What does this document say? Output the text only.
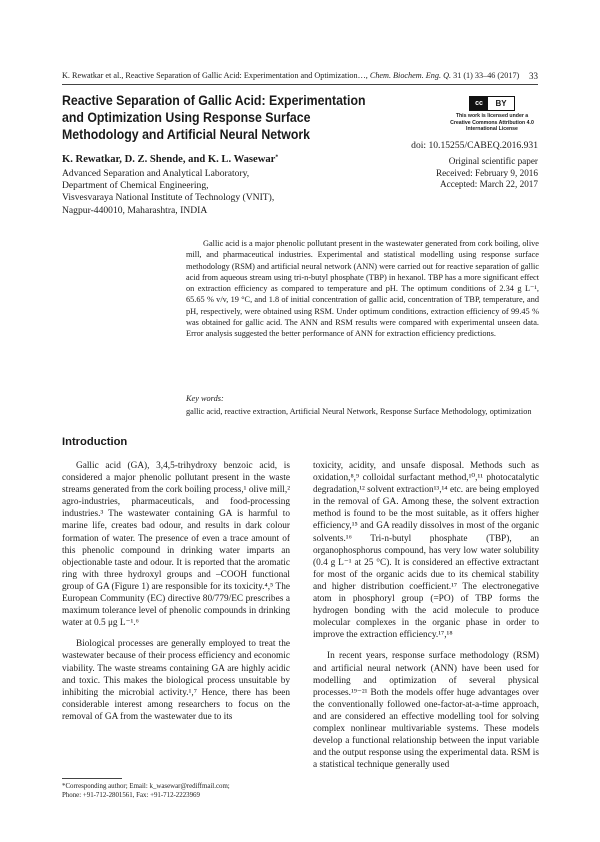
K. Rewatkar et al., Reactive Separation of Gallic Acid: Experimentation and Optimization…, Chem. Biochem. Eng. Q. 31 (1) 33–46 (2017) 33
Reactive Separation of Gallic Acid: Experimentation and Optimization Using Response Surface Methodology and Artificial Neural Network
cc	BY
This work is licensed under a Creative Commons Attribution 4.0 International License
doi: 10.15255/CABEQ.2016.931
Original scientific paper
Received: February 9, 2016
Accepted: March 22, 2017
K. Rewatkar, D. Z. Shende, and K. L. Wasewar*
Advanced Separation and Analytical Laboratory,
Department of Chemical Engineering,
Visvesvaraya National Institute of Technology (VNIT),
Nagpur-440010, Maharashtra, INDIA

Gallic acid is a major phenolic pollutant present in the wastewater generated from cork boiling, olive mill, and pharmaceutical industries. Experimental and statistical modelling using response surface methodology (RSM) and artificial neural network (ANN) were carried out for reactive separation of gallic acid from aqueous stream using tri-n-butyl phosphate (TBP) in hexanol. TBP has a more significant effect on extraction efficiency as compared to temperature and pH. The optimum conditions of 2.34 g L⁻¹, 65.65 % v/v, 19 °C, and 1.8 of initial concentration of gallic acid, concentration of TBP, temperature, and pH, respectively, were obtained using RSM. Under optimum conditions, extraction efficiency of 99.45 % was obtained for gallic acid. The ANN and RSM results were compared with experimental unseen data. Error analysis suggested the better performance of ANN for extraction efficiency predictions.

Key words:
gallic acid, reactive extraction, Artificial Neural Network, Response Surface Methodology, optimization
Introduction

Gallic acid (GA), 3,4,5-trihydroxy benzoic acid, is considered a major phenolic pollutant present in the waste streams generated from the cork boiling process,¹ olive mill,² agro-industries, pharmaceuticals, and food-processing industries.³ The wastewater containing GA is harmful to marine life, creates bad odour, and results in dark colour formation of water. The presence of even a trace amount of this phenolic compound in drinking water imparts an objectionable taste and odour. It is reported that the aromatic ring with three hydroxyl groups and –COOH functional group of GA (Figure 1) are responsible for its toxicity.⁴,⁵ The European Community (EC) directive 80/779/EC prescribes a maximum tolerance level of phenolic compounds in drinking water at 0.5 μg L⁻¹.⁶

Biological processes are generally employed to treat the wastewater because of their process efficiency and economic viability. The waste streams containing GA are highly acidic and toxic. This makes the biological process unsuitable by inhibiting the microbial activity.¹,⁷ Hence, there has been considerable interest among researchers to focus on the removal of GA from the wastewater due to its

toxicity, acidity, and unsafe disposal. Methods such as oxidation,⁸,⁹ colloidal surfactant method,¹⁰,¹¹ photocatalytic degradation,¹² solvent extraction¹³,¹⁴ etc. are being employed in the removal of GA. Among these, the solvent extraction method is found to be the most suitable, as it offers higher efficiency,¹⁵ and GA readily dissolves in most of the organic solvents.¹⁶ Tri-n-butyl phosphate (TBP), an organophosphorus compound, has very low water solubility (0.4 g L⁻¹ at 25 °C). It is considered an effective extractant for most of the organic acids due to its chemical stability and higher distribution coefficient.¹⁷ The electronegative atom in phosphoryl group (=PO) of TBP forms the hydrogen bonding with the acid molecule to produce molecular complexes in the organic phase in order to improve the extraction efficiency.¹⁷,¹⁸

In recent years, response surface methodology (RSM) and artificial neural network (ANN) have been used for modelling and optimization of several physical processes.¹⁹⁻²¹ Both the models offer huge advantages over the conventionally followed one-factor-at-a-time approach, and are considered an effective modelling tool for solving complex nonlinear multivariable systems. These models develop a functional relationship between the input variable and the output response using the experimental data. RSM is a statistical technique generally used

*Corresponding author; Email: k_wasewar@rediffmail.com;
Phone: +91-712-2801561, Fax: +91-712-2223969
